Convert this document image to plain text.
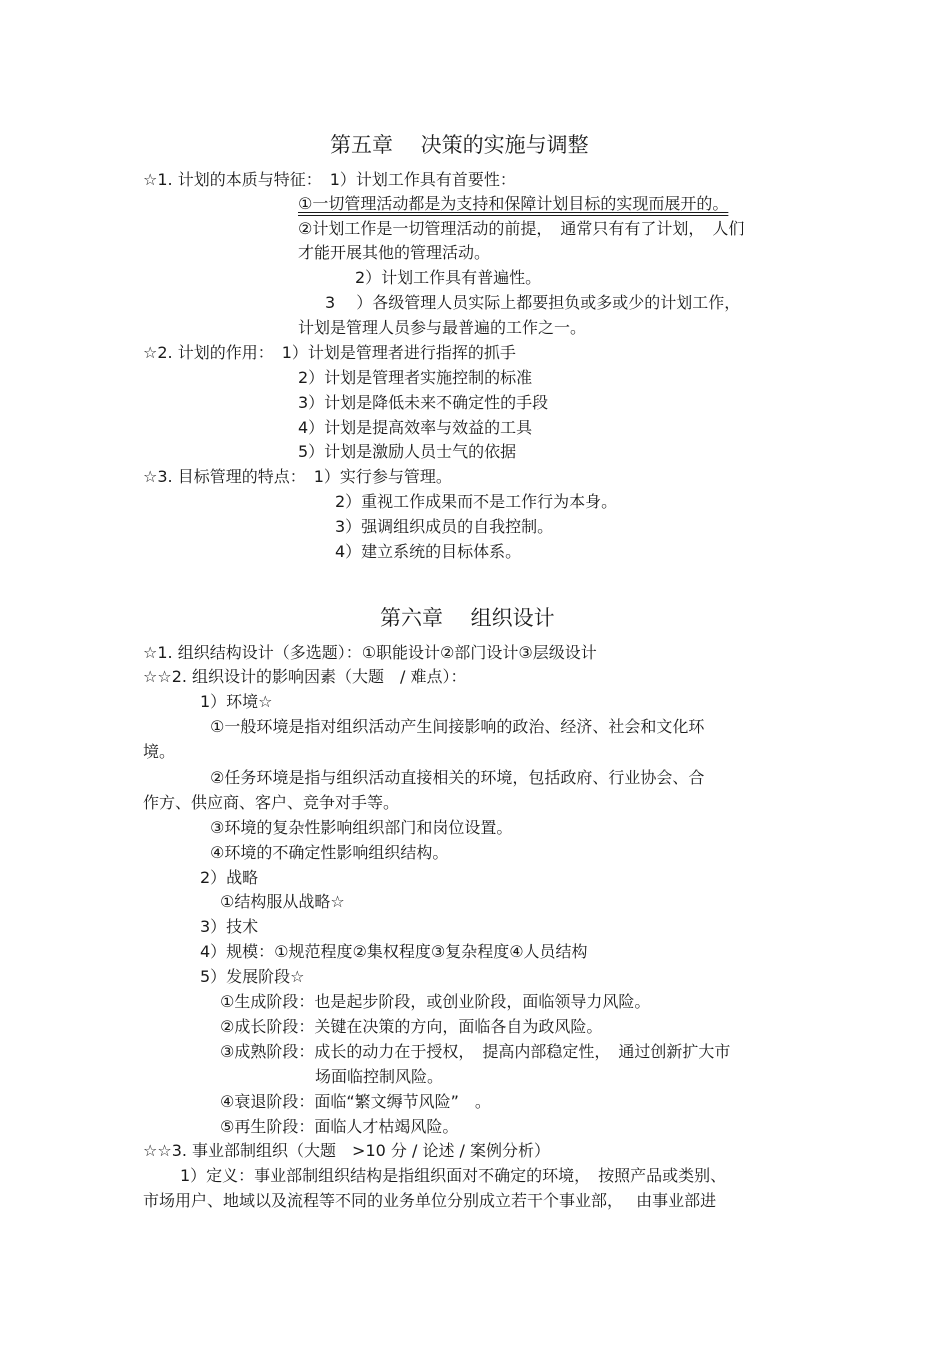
第五章　 决策的实施与调整
☆1. 计划的本质与特征：　1）计划工作具有首要性：
①一切管理活动都是为支持和保障计划目标的实现而展开的。
②计划工作是一切管理活动的前提，　通常只有有了计划，　人们
才能开展其他的管理活动。
2）计划工作具有普遍性。
3　 ）各级管理人员实际上都要担负或多或少的计划工作，
计划是管理人员参与最普遍的工作之一。
☆2. 计划的作用：　1）计划是管理者进行指挥的抓手
2）计划是管理者实施控制的标准
3）计划是降低未来不确定性的手段
4）计划是提高效率与效益的工具
5）计划是激励人员士气的依据
☆3. 目标管理的特点：　1）实行参与管理。
2）重视工作成果而不是工作行为本身。
3）强调组织成员的自我控制。
4）建立系统的目标体系。
第六章　 组织设计
☆1. 组织结构设计（多选题）：①职能设计②部门设计③层级设计
☆☆2. 组织设计的影响因素（大题　/ 难点）：
1）环境☆
①一般环境是指对组织活动产生间接影响的政治、经济、社会和文化环
境。
②任务环境是指与组织活动直接相关的环境，包括政府、行业协会、合
作方、供应商、客户、竞争对手等。
③环境的复杂性影响组织部门和岗位设置。
④环境的不确定性影响组织结构。
2）战略
①结构服从战略☆
3）技术
4）规模：①规范程度②集权程度③复杂程度④人员结构
5）发展阶段☆
①生成阶段：也是起步阶段，或创业阶段，面临领导力风险。
②成长阶段：关键在决策的方向，面临各自为政风险。
③成熟阶段：成长的动力在于授权，　提高内部稳定性，　通过创新扩大市
场面临控制风险。
④衰退阶段：面临“繁文缛节风险”　。
⑤再生阶段：面临人才枯竭风险。
☆☆3. 事业部制组织（大题　>10 分 / 论述 / 案例分析）
1）定义：事业部制组织结构是指组织面对不确定的环境，　按照产品或类别、
市场用户、地域以及流程等不同的业务单位分别成立若干个事业部，　 由事业部进
